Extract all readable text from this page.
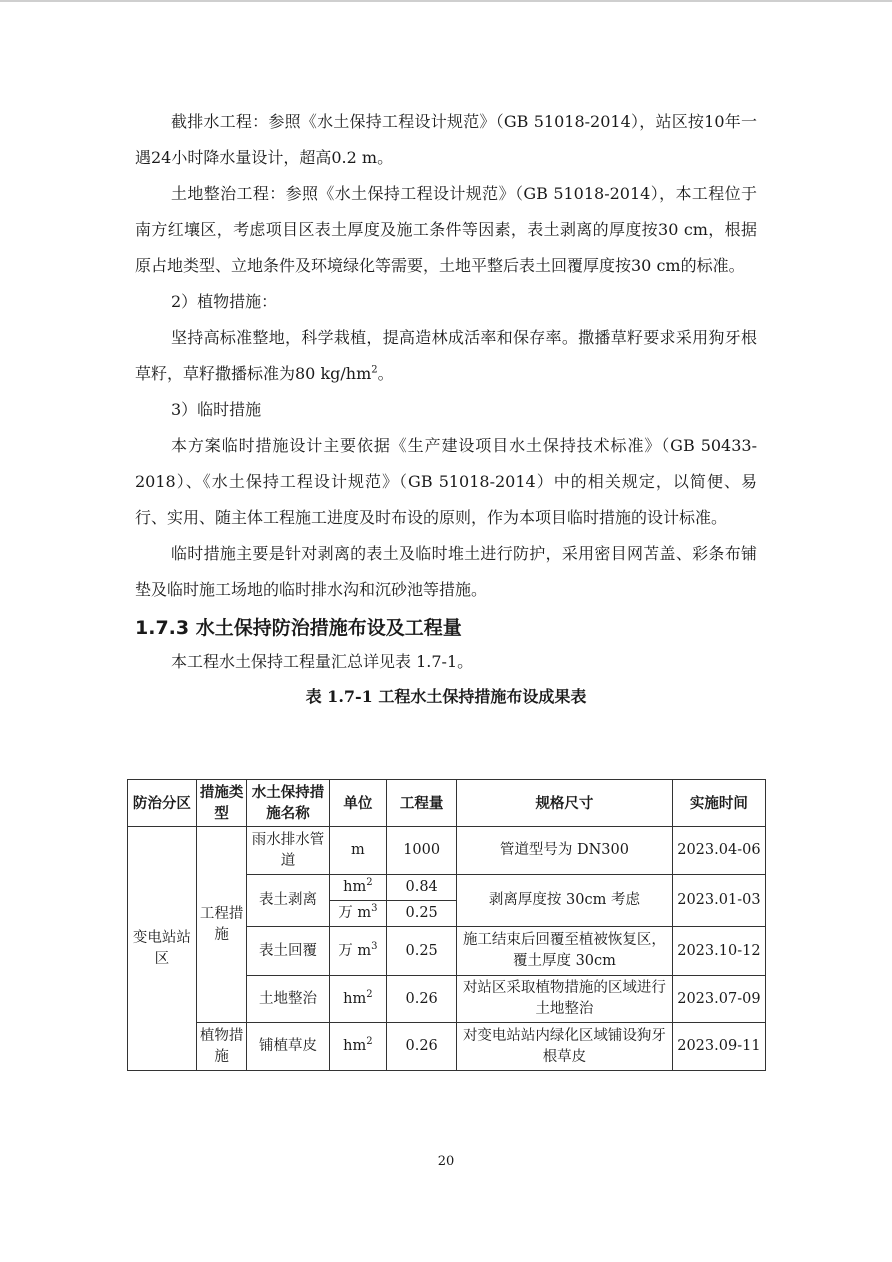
截排水工程：参照《水土保持工程设计规范》（GB 51018-2014），站区按10年一遇24小时降水量设计，超高0.2 m。

土地整治工程：参照《水土保持工程设计规范》（GB 51018-2014），本工程位于南方红壤区，考虑项目区表土厚度及施工条件等因素，表土剥离的厚度按30 cm，根据原占地类型、立地条件及环境绿化等需要，土地平整后表土回覆厚度按30 cm的标准。

2）植物措施：

坚持高标准整地，科学栽植，提高造林成活率和保存率。撒播草籽要求采用狗牙根草籽，草籽撒播标准为80 $kg/hm^2$。

3）临时措施

本方案临时措施设计主要依据《生产建设项目水土保持技术标准》（GB 50433-2018）、《水土保持工程设计规范》（GB 51018-2014）中的相关规定，以简便、易行、实用、随主体工程施工进度及时布设的原则，作为本项目临时措施的设计标准。

临时措施主要是针对剥离的表土及临时堆土进行防护，采用密目网苫盖、彩条布铺垫及临时施工场地的临时排水沟和沉砂池等措施。

1.7.3 水土保持防治措施布设及工程量

本工程水土保持工程量汇总详见表 1.7-1。

表 1.7-1 工程水土保持措施布设成果表
防治分区	措施类型	水土保持措施名称	单位	工程量	规格尺寸	实施时间
变电站站区	工程措施	雨水排水管道	m	1000	管道型号为 DN300	2023.04-06
		表土剥离	$hm^2$	0.84	剥离厚度按 30cm 考虑	2023.01-03
			万 $m^3$	0.25		
		表土回覆	万 $m^3$	0.25	施工结束后回覆至植被恢复区，覆土厚度 30cm	2023.10-12
		土地整治	$hm^2$	0.26	对站区采取植物措施的区域进行土地整治	2023.07-09
	植物措施	铺植草皮	$hm^2$	0.26	对变电站站内绿化区域铺设狗牙根草皮	2023.09-11
20
